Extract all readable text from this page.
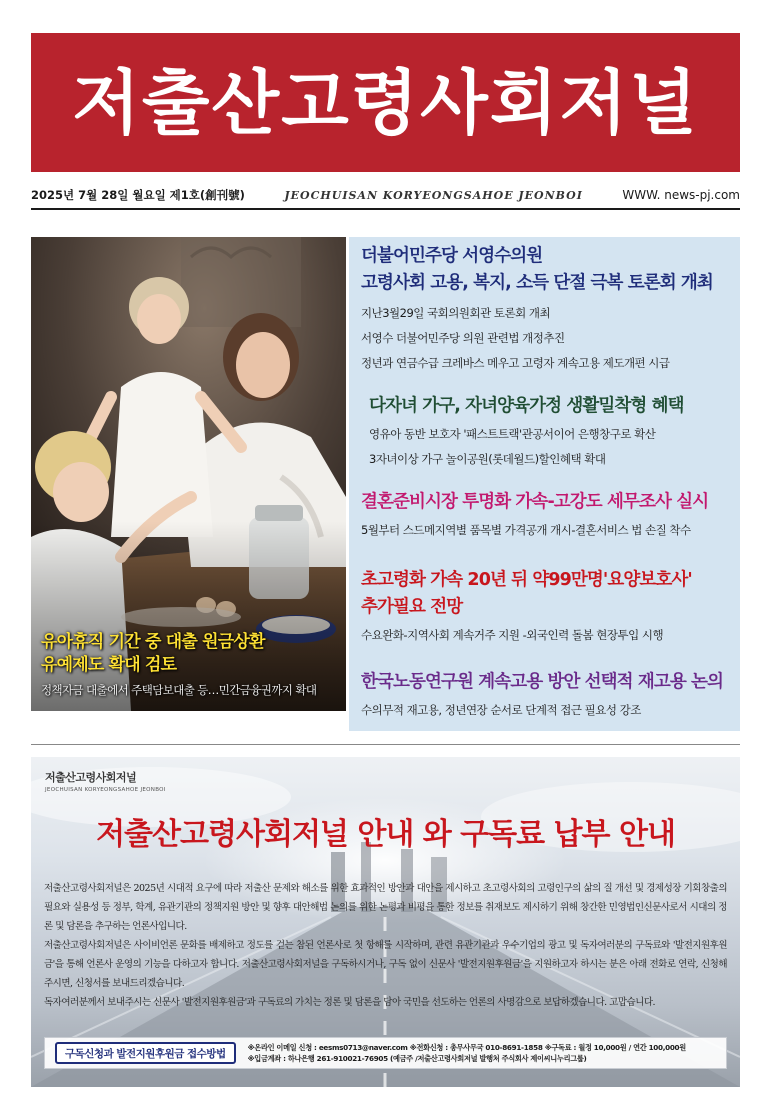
저출산고령사회저널
2025년 7월 28일 월요일 제1호(創刊號)	JEOCHUISAN KORYEONGSAHOE JEONBOI	WWW. news-pj.com
유아휴직 기간 중 대출 원금상환
유예제도 확대 검토
정책자금 대출에서 주택담보대출 등…민간금융권까지 확대
더불어민주당 서영수의원
고령사회 고용, 복지, 소득 단절 극복 토론회 개최
지난3월29일 국회의원회관 토론회 개최
서영수 더불어민주당 의원 관련법 개정추진
정년과 연금수급 크레바스 메우고 고령자 계속고용 제도개편 시급
다자녀 가구, 자녀양육가정 생활밀착형 혜택
영유아 동반 보호자 '패스트트랙'관공서이어 은행창구로 확산
3자녀이상 가구 놀이공원(롯데월드)할인혜택 확대
결혼준비시장 투명화 가속-고강도 세무조사 실시
5월부터 스드메지역별 품목별 가격공개 개시-결혼서비스 법 손질 착수
초고령화 가속 20년 뒤 약99만명'요양보호사'
추가필요 전망
수요완화-지역사회 계속거주 지원 -외국인력 돌봄 현장투입 시행
한국노동연구원 계속고용 방안 선택적 재고용 논의
수의무적 재고용, 정년연장 순서로 단계적 접근 필요성 강조
저출산고령사회저널
JEOCHUISAN KORYEONGSAHOE JEONBOI
저출산고령사회저널 안내 와 구독료 납부 안내

저출산고령사회저널은 2025년 시대적 요구에 따라 저출산 문제와 해소를 위한 효과적인 방안과 대안을 제시하고 초고령사회의 고령인구의 삶의 질 개선 및 경제성장 기회창출의 필요와 실용성 등 정부, 학계, 유관기관의 정책지원 방안 및 향후 대안해법 논의를 위한 논평과 비평을 통한 정보를 취재보도 제시하기 위해 창간한 민영법인신문사로서 시대의 정론 및 담론을 추구하는 언론사입니다.

저출산고령사회저널은 사이비언론 문화를 배제하고 정도를 걷는 참된 언론사로 첫 항해를 시작하며, 관련 유관기관과 우수기업의 광고 및 독자여러분의 구독료와 '발전지원후원금'을 통해 언론사 운영의 기능을 다하고자 합니다. 저출산고령사회저널을 구독하시거나, 구독 없이 신문사 '발전지원후원금'을 지원하고자 하시는 분은 아래 전화로 연락, 신청해주시면, 신청서를 보내드리겠습니다.

독자여러분께서 보내주시는 신문사 '발전지원후원금'과 구독료의 가치는 정론 및 담론을 담아 국민을 선도하는 언론의 사명감으로 보답하겠습니다. 고맙습니다.

구독신청과 발전지원후원금 접수방법	※온라인 이메일 신청 : eesms0713@naver.com ※전화신청 : 총무사무국 010-8691-1858 ※구독료 : 월정 10,000원 / 연간 100,000원
※입금계좌 : 하나은행 261-910021-76905 (예금주 /저출산고령사회저널 발행처 주식회사 제이씨니누리그룹)
